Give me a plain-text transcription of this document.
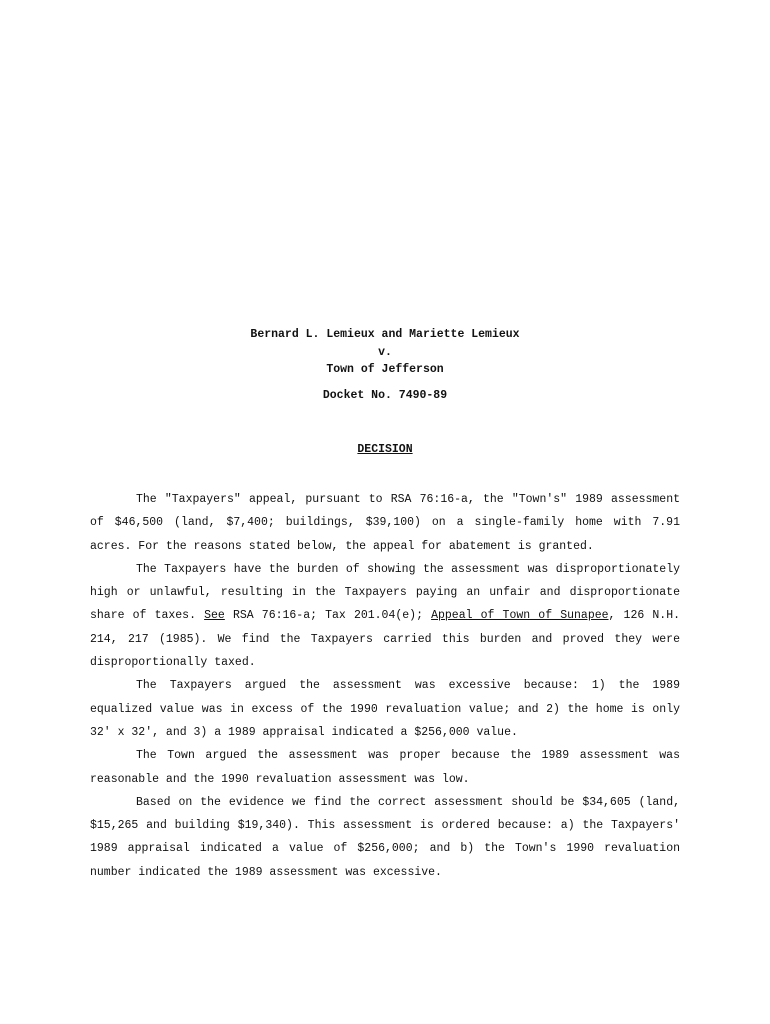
Bernard L. Lemieux and Mariette Lemieux
v.
Town of Jefferson
Docket No. 7490-89
DECISION

The "Taxpayers" appeal, pursuant to RSA 76:16-a, the "Town's" 1989 assessment of $46,500 (land, $7,400; buildings, $39,100) on a single-family home with 7.91 acres. For the reasons stated below, the appeal for abatement is granted.

The Taxpayers have the burden of showing the assessment was disproportionately high or unlawful, resulting in the Taxpayers paying an unfair and disproportionate share of taxes. See RSA 76:16-a; Tax 201.04(e); Appeal of Town of Sunapee, 126 N.H. 214, 217 (1985). We find the Taxpayers carried this burden and proved they were disproportionally taxed.

The Taxpayers argued the assessment was excessive because: 1) the 1989 equalized value was in excess of the 1990 revaluation value; and 2) the home is only 32' x 32', and 3) a 1989 appraisal indicated a $256,000 value.

The Town argued the assessment was proper because the 1989 assessment was reasonable and the 1990 revaluation assessment was low.

Based on the evidence we find the correct assessment should be $34,605 (land, $15,265 and building $19,340). This assessment is ordered because: a) the Taxpayers' 1989 appraisal indicated a value of $256,000; and b) the Town's 1990 revaluation number indicated the 1989 assessment was excessive.
